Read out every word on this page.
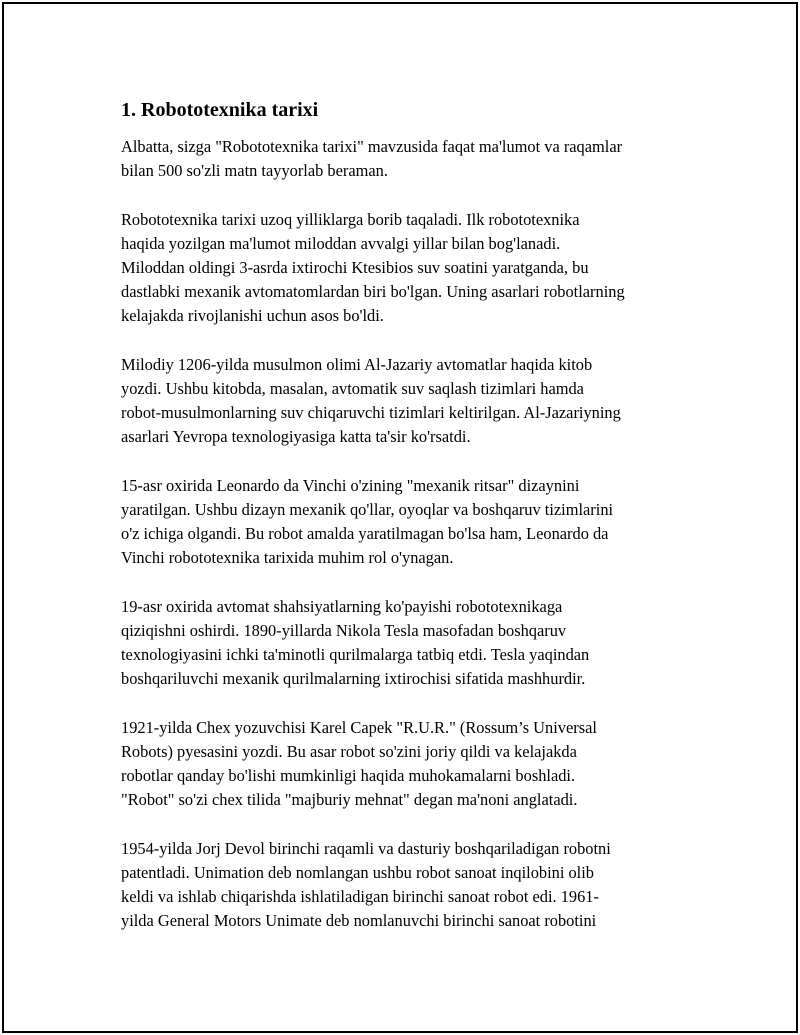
1. Robototexnika tarixi
Albatta, sizga "Robototexnika tarixi" mavzusida faqat ma'lumot va raqamlar
bilan 500 so'zli matn tayyorlab beraman.
Robototexnika tarixi uzoq yilliklarga borib taqaladi. Ilk robototexnika
haqida yozilgan ma'lumot miloddan avvalgi yillar bilan bog'lanadi.
Miloddan oldingi 3-asrda ixtirochi Ktesibios suv soatini yaratganda, bu
dastlabki mexanik avtomatomlardan biri bo'lgan. Uning asarlari robotlarning
kelajakda rivojlanishi uchun asos bo'ldi.
Milodiy 1206-yilda musulmon olimi Al-Jazariy avtomatlar haqida kitob
yozdi. Ushbu kitobda, masalan, avtomatik suv saqlash tizimlari hamda
robot-musulmonlarning suv chiqaruvchi tizimlari keltirilgan. Al-Jazariyning
asarlari Yevropa texnologiyasiga katta ta'sir ko'rsatdi.
15-asr oxirida Leonardo da Vinchi o'zining "mexanik ritsar" dizaynini
yaratilgan. Ushbu dizayn mexanik qo'llar, oyoqlar va boshqaruv tizimlarini
o'z ichiga olgandi. Bu robot amalda yaratilmagan bo'lsa ham, Leonardo da
Vinchi robototexnika tarixida muhim rol o'ynagan.
19-asr oxirida avtomat shahsiyatlarning ko'payishi robototexnikaga
qiziqishni oshirdi. 1890-yillarda Nikola Tesla masofadan boshqaruv
texnologiyasini ichki ta'minotli qurilmalarga tatbiq etdi. Tesla yaqindan
boshqariluvchi mexanik qurilmalarning ixtirochisi sifatida mashhurdir.
1921-yilda Chex yozuvchisi Karel Capek "R.U.R." (Rossum’s Universal
Robots) pyesasini yozdi. Bu asar robot so'zini joriy qildi va kelajakda
robotlar qanday bo'lishi mumkinligi haqida muhokamalarni boshladi.
"Robot" so'zi chex tilida "majburiy mehnat" degan ma'noni anglatadi.
1954-yilda Jorj Devol birinchi raqamli va dasturiy boshqariladigan robotni
patentladi. Unimation deb nomlangan ushbu robot sanoat inqilobini olib
keldi va ishlab chiqarishda ishlatiladigan birinchi sanoat robot edi. 1961-
yilda General Motors Unimate deb nomlanuvchi birinchi sanoat robotini
